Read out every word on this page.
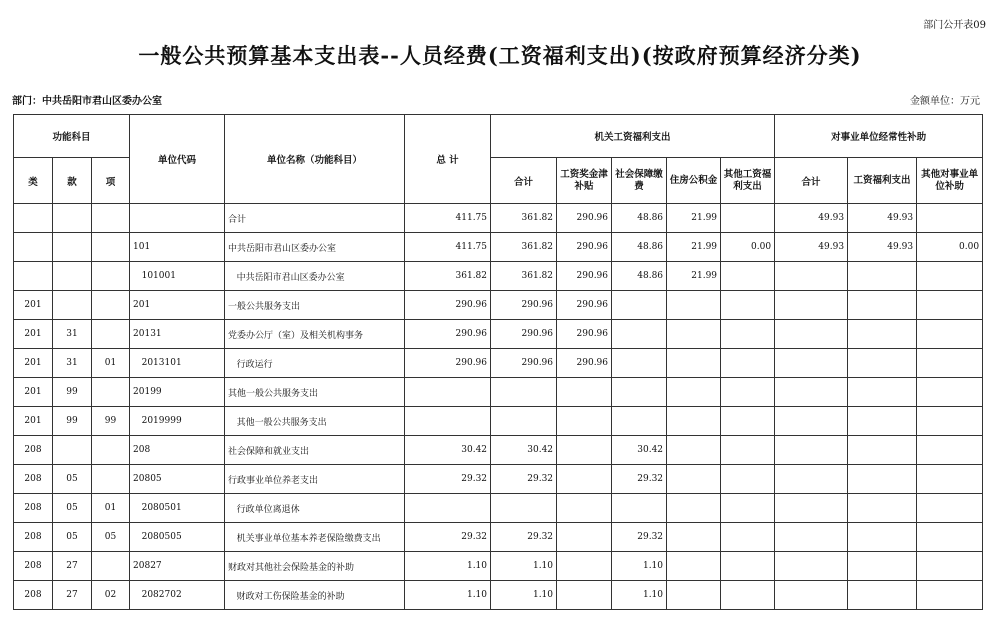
部门公开表09
一般公共预算基本支出表--人员经费(工资福利支出)(按政府预算经济分类)
部门：中共岳阳市君山区委办公室	金额单位：万元
功能科目			单位代码	单位名称（功能科目）	总 计	机关工资福利支出					对事业单位经常性补助		
类	款	项				合计	工资奖金津补贴	社会保障缴费	住房公积金	其他工资福利支出	合计	工资福利支出	其他对事业单位补助
				合计	411.75	361.82	290.96	48.86	21.99		49.93	49.93	
			101	中共岳阳市君山区委办公室	411.75	361.82	290.96	48.86	21.99	0.00	49.93	49.93	0.00
			101001	中共岳阳市君山区委办公室	361.82	361.82	290.96	48.86	21.99				
201			201	一般公共服务支出	290.96	290.96	290.96						
201	31		20131	党委办公厅（室）及相关机构事务	290.96	290.96	290.96						
201	31	01	2013101	行政运行	290.96	290.96	290.96						
201	99		20199	其他一般公共服务支出									
201	99	99	2019999	其他一般公共服务支出									
208			208	社会保障和就业支出	30.42	30.42		30.42					
208	05		20805	行政事业单位养老支出	29.32	29.32		29.32					
208	05	01	2080501	行政单位离退休									
208	05	05	2080505	机关事业单位基本养老保险缴费支出	29.32	29.32		29.32					
208	27		20827	财政对其他社会保险基金的补助	1.10	1.10		1.10					
208	27	02	2082702	财政对工伤保险基金的补助	1.10	1.10		1.10					
